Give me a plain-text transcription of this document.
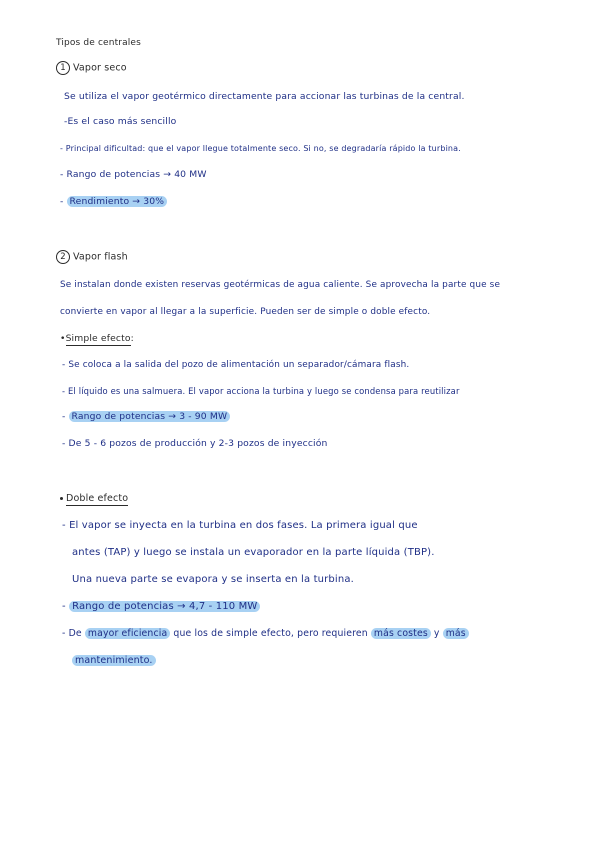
Tipos de centrales
1 Vapor seco
Se utiliza el vapor geotérmico directamente para accionar las turbinas de la central.
-Es el caso más sencillo
- Principal dificultad: que el vapor llegue totalmente seco. Si no, se degradaría rápido la turbina.
- Rango de potencias → 40 MW
- Rendimiento → 30%
2 Vapor flash
Se instalan donde existen reservas geotérmicas de agua caliente. Se aprovecha la parte que se
convierte en vapor al llegar a la superficie. Pueden ser de simple o doble efecto.
•Simple efecto:
- Se coloca a la salida del pozo de alimentación un separador/cámara flash.
- El líquido es una salmuera. El vapor acciona la turbina y luego se condensa para reutilizar
- Rango de potencias → 3 - 90 MW
- De 5 - 6 pozos de producción y 2-3 pozos de inyección
Doble efecto
- El vapor se inyecta en la turbina en dos fases. La primera igual que
antes (TAP) y luego se instala un evaporador en la parte líquida (TBP).
Una nueva parte se evapora y se inserta en la turbina.
- Rango de potencias → 4,7 - 110 MW
- De mayor eficiencia que los de simple efecto, pero requieren más costes y más
mantenimiento.
